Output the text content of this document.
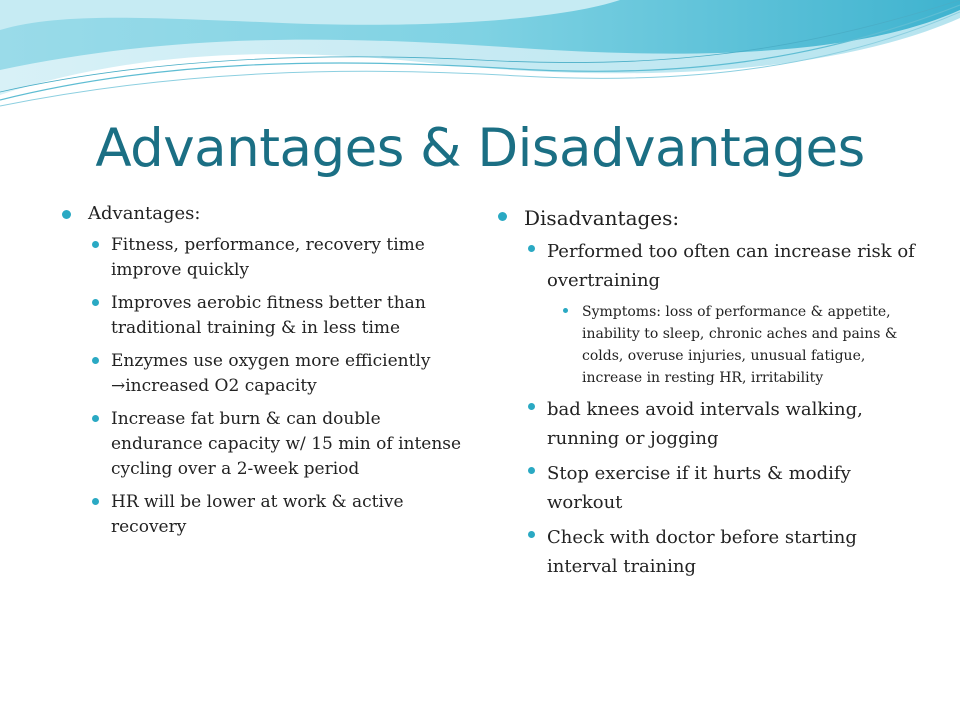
Advantages & Disadvantages
Advantages:
Fitness, performance, recovery time improve quickly
Improves aerobic fitness better than traditional training & in less time
Enzymes use oxygen more efficiently →increased O2 capacity
Increase fat burn & can double endurance capacity w/ 15 min of intense cycling over a 2-week period
HR will be lower at work & active recovery
Disadvantages:
Performed too often can increase risk of overtraining
Symptoms: loss of performance & appetite, inability to sleep, chronic aches and pains & colds, overuse injuries, unusual fatigue, increase in resting HR, irritability
bad knees avoid intervals walking, running or jogging
Stop exercise if it hurts & modify workout
Check with doctor before starting interval training
